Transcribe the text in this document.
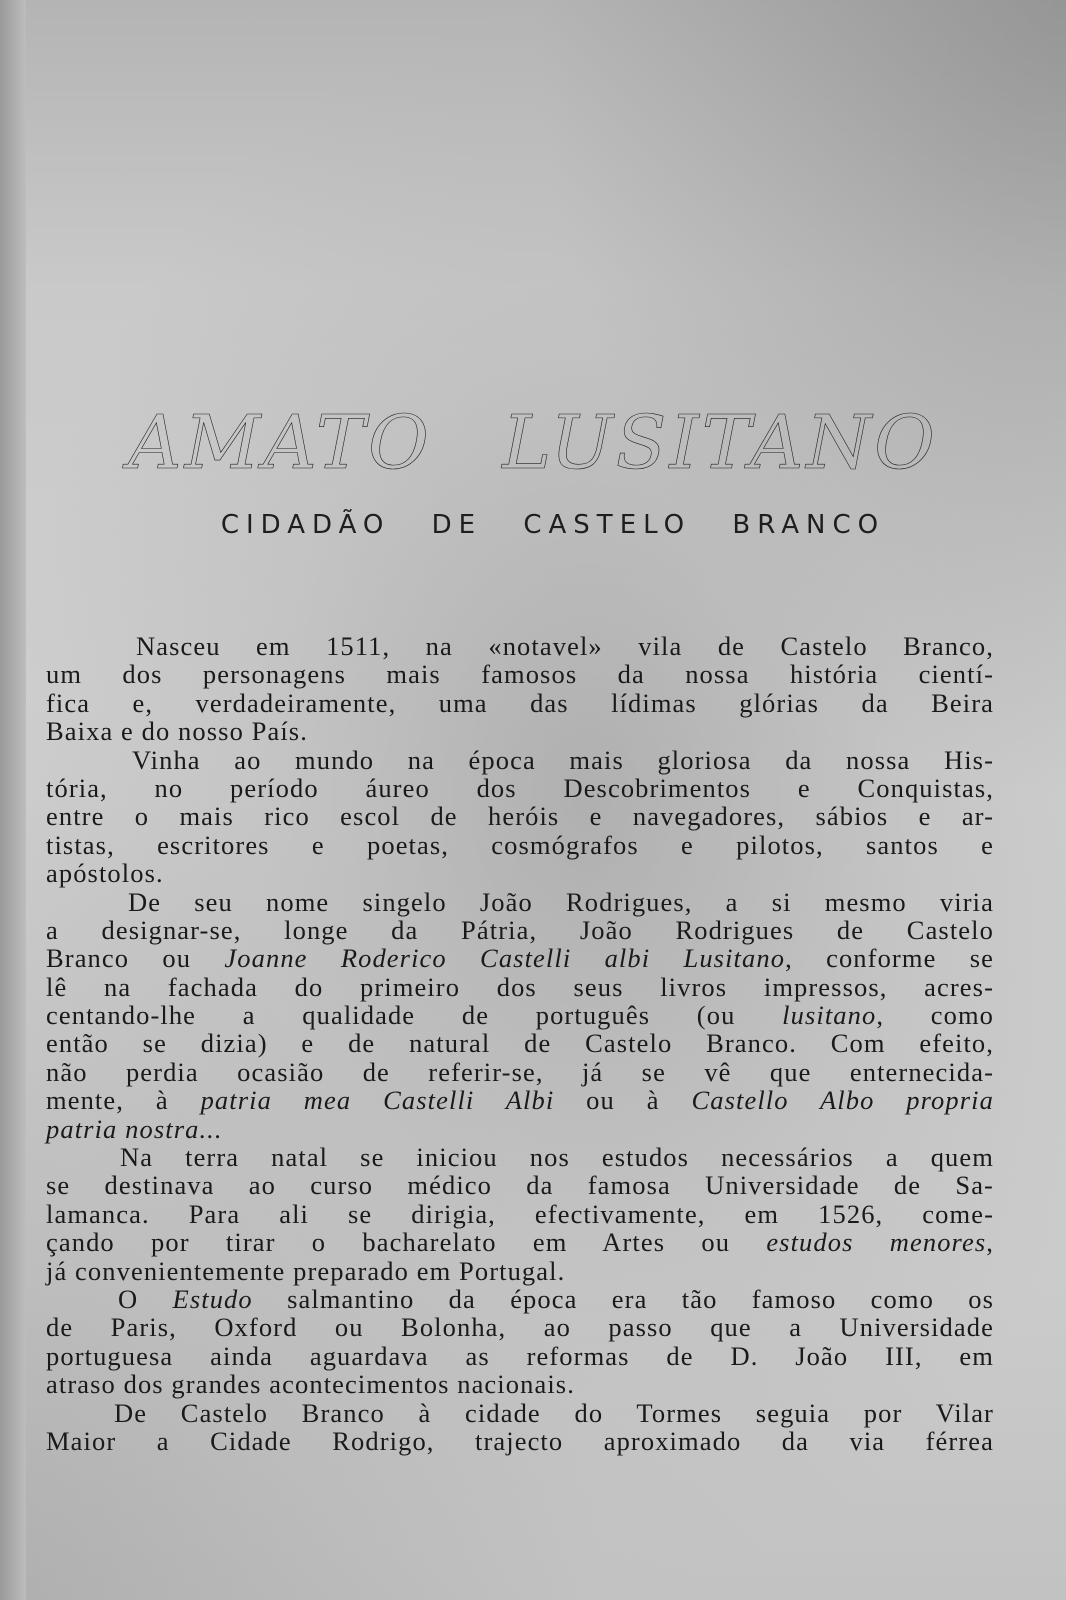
AMATO LUSITANO
CIDADÃO DE CASTELO BRANCO
Nasceu em 1511, na «notavel» vila de Castelo Branco,
um dos personagens mais famosos da nossa história cientí-
fica e, verdadeiramente, uma das lídimas glórias da Beira
Baixa e do nosso País.
Vinha ao mundo na época mais gloriosa da nossa His-
tória, no período áureo dos Descobrimentos e Conquistas,
entre o mais rico escol de heróis e navegadores, sábios e ar-
tistas, escritores e poetas, cosmógrafos e pilotos, santos e
apóstolos.
De seu nome singelo João Rodrigues, a si mesmo viria
a designar-se, longe da Pátria, João Rodrigues de Castelo
Branco ou Joanne Roderico Castelli albi Lusitano, conforme se
lê na fachada do primeiro dos seus livros impressos, acres-
centando-lhe a qualidade de português (ou lusitano, como
então se dizia) e de natural de Castelo Branco. Com efeito,
não perdia ocasião de referir-se, já se vê que enternecida-
mente, à patria mea Castelli Albi ou à Castello Albo propria
patria nostra...
Na terra natal se iniciou nos estudos necessários a quem
se destinava ao curso médico da famosa Universidade de Sa-
lamanca. Para ali se dirigia, efectivamente, em 1526, come-
çando por tirar o bacharelato em Artes ou estudos menores,
já convenientemente preparado em Portugal.
O Estudo salmantino da época era tão famoso como os
de Paris, Oxford ou Bolonha, ao passo que a Universidade
portuguesa ainda aguardava as reformas de D. João III, em
atraso dos grandes acontecimentos nacionais.
De Castelo Branco à cidade do Tormes seguia por Vilar
Maior a Cidade Rodrigo, trajecto aproximado da via férrea
